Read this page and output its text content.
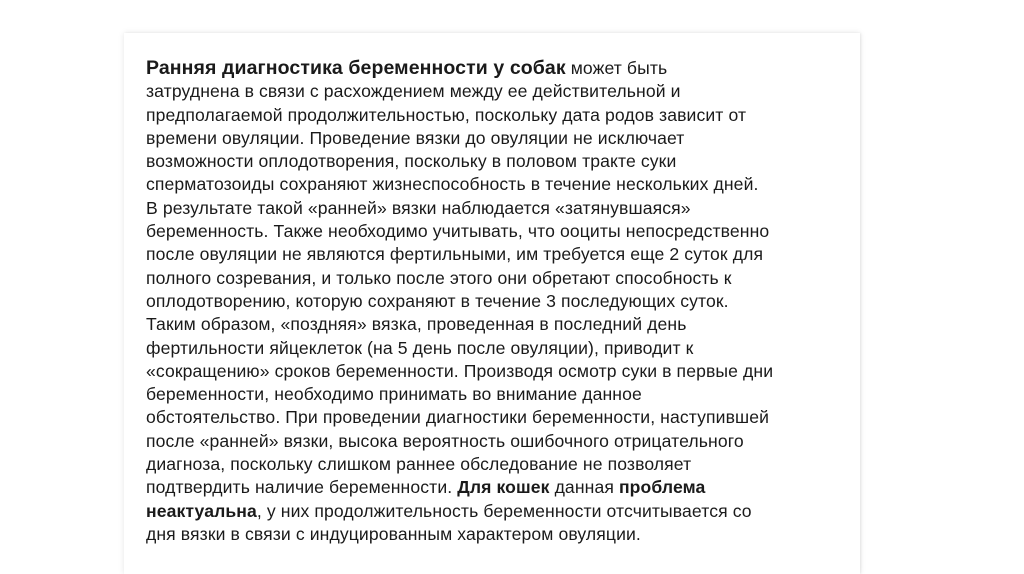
Ранняя диагностика беременности у собак может быть
затруднена в связи с расхождением между ее действительной и
предполагаемой продолжительностью, поскольку дата родов зависит от
времени овуляции. Проведение вязки до овуляции не исключает
возможности оплодотворения, поскольку в половом тракте суки
сперматозоиды сохраняют жизнеспособность в течение нескольких дней.
В результате такой «ранней» вязки наблюдается «затянувшаяся»
беременность. Также необходимо учитывать, что ооциты непосредственно
после овуляции не являются фертильными, им требуется еще 2 суток для
полного созревания, и только после этого они обретают способность к
оплодотворению, которую сохраняют в течение 3 последующих суток.
Таким образом, «поздняя» вязка, проведенная в последний день
фертильности яйцеклеток (на 5 день после овуляции), приводит к
«сокращению» сроков беременности. Производя осмотр суки в первые дни
беременности, необходимо принимать во внимание данное
обстоятельство. При проведении диагностики беременности, наступившей
после «ранней» вязки, высока вероятность ошибочного отрицательного
диагноза, поскольку слишком раннее обследование не позволяет
подтвердить наличие беременности. Для кошек данная проблема
неактуальна, у них продолжительность беременности отсчитывается со
дня вязки в связи с индуцированным характером овуляции.
